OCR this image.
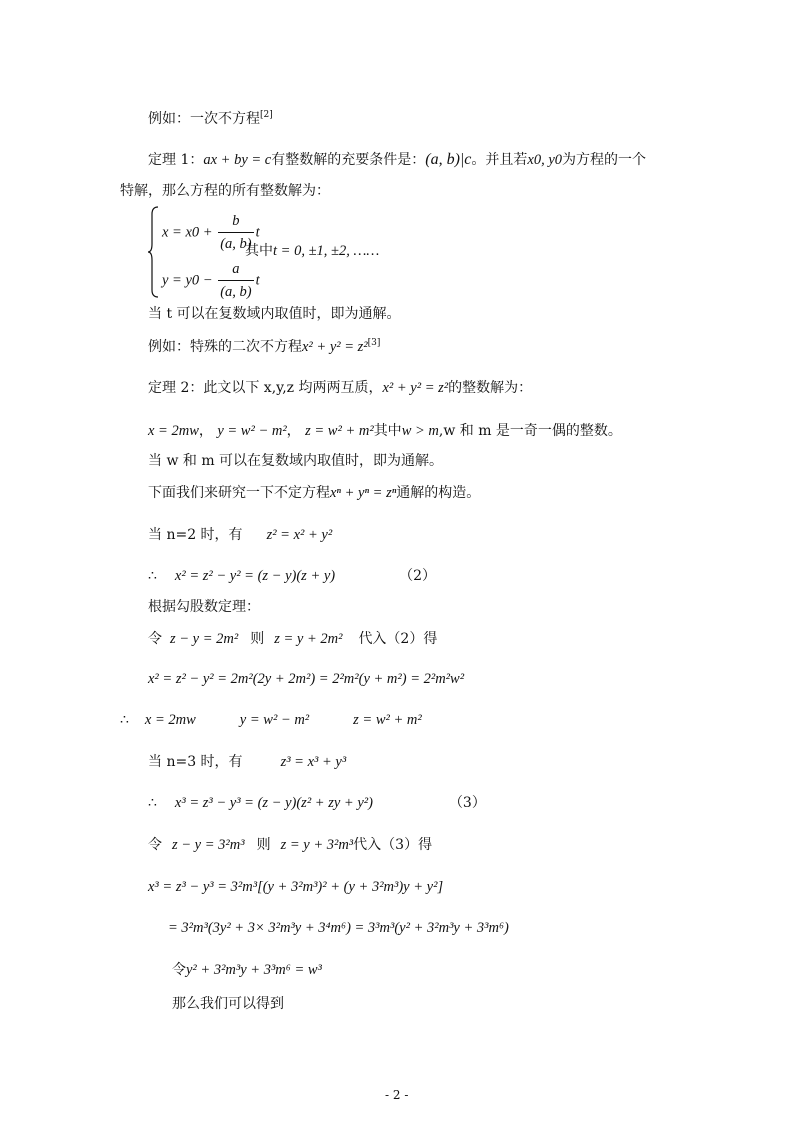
例如：一次不方程[2]
定理 1：ax + by = c有整数解的充要条件是：(a, b)|c。并且若x0, y0为方程的一个
特解，那么方程的所有整数解为：
$x = x0 + \frac{b}{(a, b)}$ t
其中t = 0, ±1, ±2, ……
$y = y0 - \frac{a}{(a, b)}$ t
当 t 可以在复数域内取值时，即为通解。
例如：特殊的二次不方程x² + y² = z²[3]
定理 2：此文以下 x,y,z 均两两互质，x² + y² = z²的整数解为：
x = 2mw， y = w² − m²， z = w² + m²其中w > m,w 和 m 是一奇一偶的整数。
当 w 和 m 可以在复数域内取值时，即为通解。
下面我们来研究一下不定方程xⁿ + yⁿ = zⁿ通解的构造。
当 n=2 时，有 z² = x² + y²
∴ x² = z² − y² = (z − y)(z + y)	（2）
根据勾股数定理：
令 z − y = 2m² 则 z = y + 2m² 代入（2）得
x² = z² − y² = 2m²(2y + 2m²) = 2²m²(y + m²) = 2²m²w²
∴ x = 2mw	y = w² − m²	z = w² + m²
当 n=3 时，有	z³ = x³ + y³
∴ x³ = z³ − y³ = (z − y)(z² + zy + y²)	（3）
令 z − y = 3²m³ 则 z = y + 3²m³代入（3）得
x³ = z³ − y³ = 3²m³[(y + 3²m³)² + (y + 3²m³)y + y²]
= 3²m³(3y² + 3× 3²m³y + 3⁴m⁶) = 3³m³(y² + 3²m³y + 3³m⁶)
令y² + 3²m³y + 3³m⁶ = w³
那么我们可以得到
- 2 -
